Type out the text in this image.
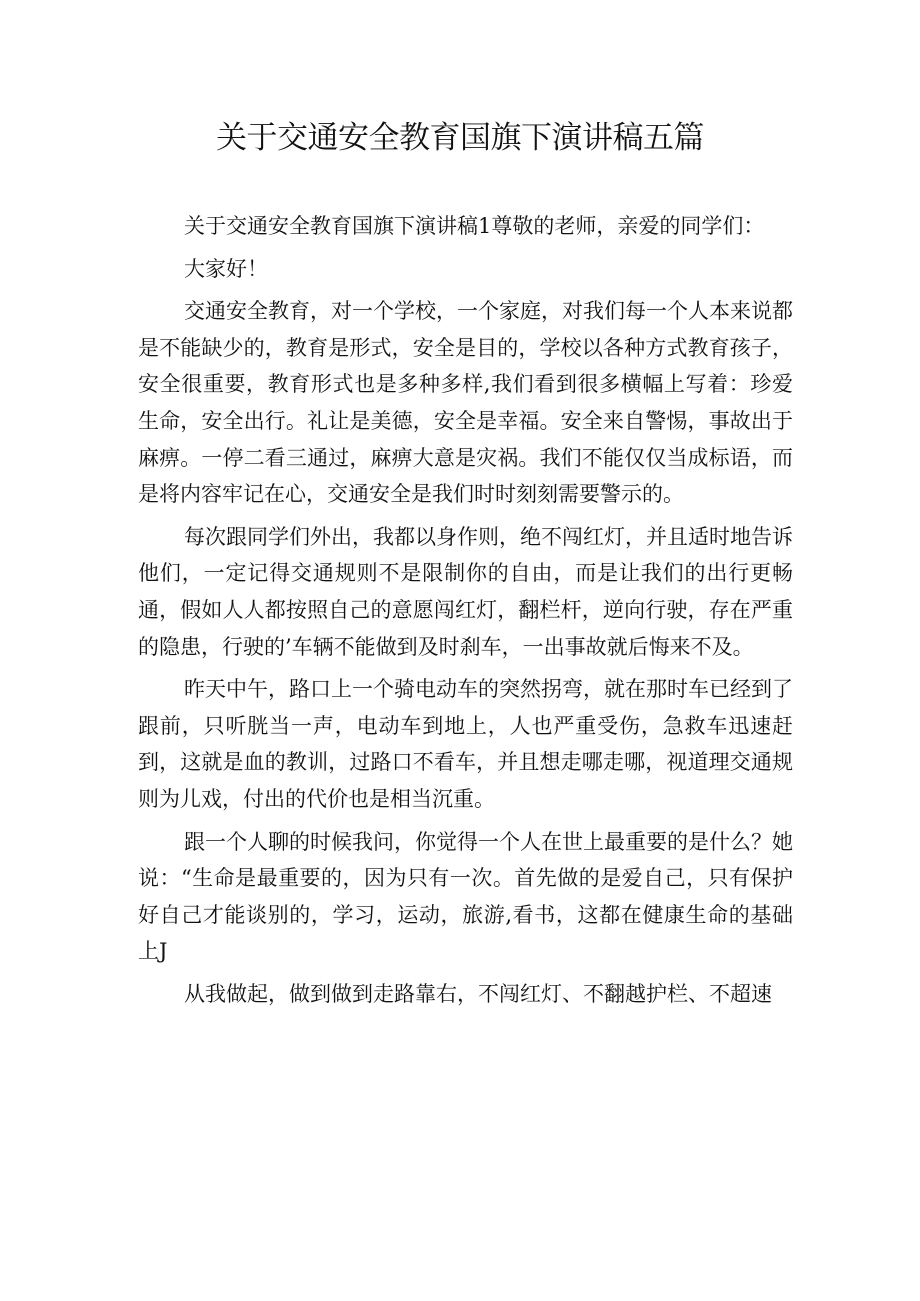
关于交通安全教育国旗下演讲稿五篇

关于交通安全教育国旗下演讲稿1尊敬的老师，亲爱的同学们：

大家好！

交通安全教育，对一个学校，一个家庭，对我们每一个人本来说都是不能缺少的，教育是形式，安全是目的，学校以各种方式教育孩子，安全很重要，教育形式也是多种多样,我们看到很多横幅上写着：珍爱生命，安全出行。礼让是美德，安全是幸福。安全来自警惕，事故出于麻痹。一停二看三通过，麻痹大意是灾祸。我们不能仅仅当成标语，而是将内容牢记在心，交通安全是我们时时刻刻需要警示的。

每次跟同学们外出，我都以身作则，绝不闯红灯，并且适时地告诉他们，一定记得交通规则不是限制你的自由，而是让我们的出行更畅通，假如人人都按照自己的意愿闯红灯，翻栏杆，逆向行驶，存在严重的隐患，行驶的’车辆不能做到及时刹车，一出事故就后悔来不及。

昨天中午，路口上一个骑电动车的突然拐弯，就在那时车已经到了跟前，只听胱当一声，电动车到地上，人也严重受伤，急救车迅速赶到，这就是血的教训，过路口不看车，并且想走哪走哪，视道理交通规则为儿戏，付出的代价也是相当沉重。

跟一个人聊的时候我问，你觉得一个人在世上最重要的是什么？她说：“生命是最重要的，因为只有一次。首先做的是爱自己，只有保护好自己才能谈别的，学习，运动，旅游,看书，这都在健康生命的基础上J

从我做起，做到做到走路靠右，不闯红灯、不翻越护栏、不超速
